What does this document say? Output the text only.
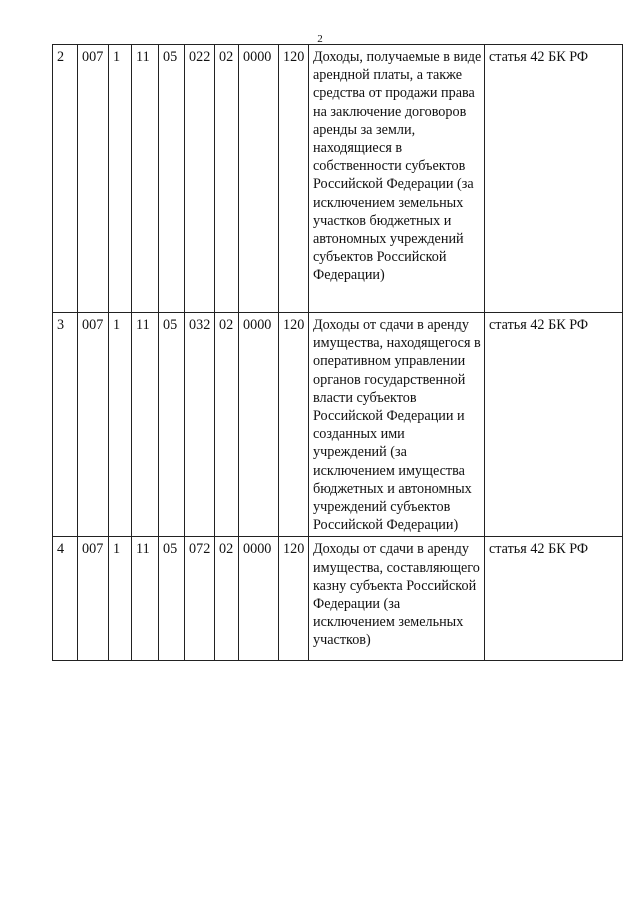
2
2	007	1	11	05	022	02	0000	120	Доходы, получаемые в виде арендной платы, а также средства от продажи права на заключение договоров аренды за земли, находящиеся в собственности субъектов Российской Федерации (за исключением земельных участков бюджетных и автономных учреждений субъектов Российской Федерации)	статья 42 БК РФ
3	007	1	11	05	032	02	0000	120	Доходы от сдачи в аренду имущества, находящегося в оперативном управлении органов государственной власти субъектов Российской Федерации и созданных ими учреждений (за исключением имущества бюджетных и автономных учреждений субъектов Российской Федерации)	статья 42 БК РФ
4	007	1	11	05	072	02	0000	120	Доходы от сдачи в аренду имущества, составляющего казну субъекта Российской Федерации (за исключением земельных участков)	статья 42 БК РФ
